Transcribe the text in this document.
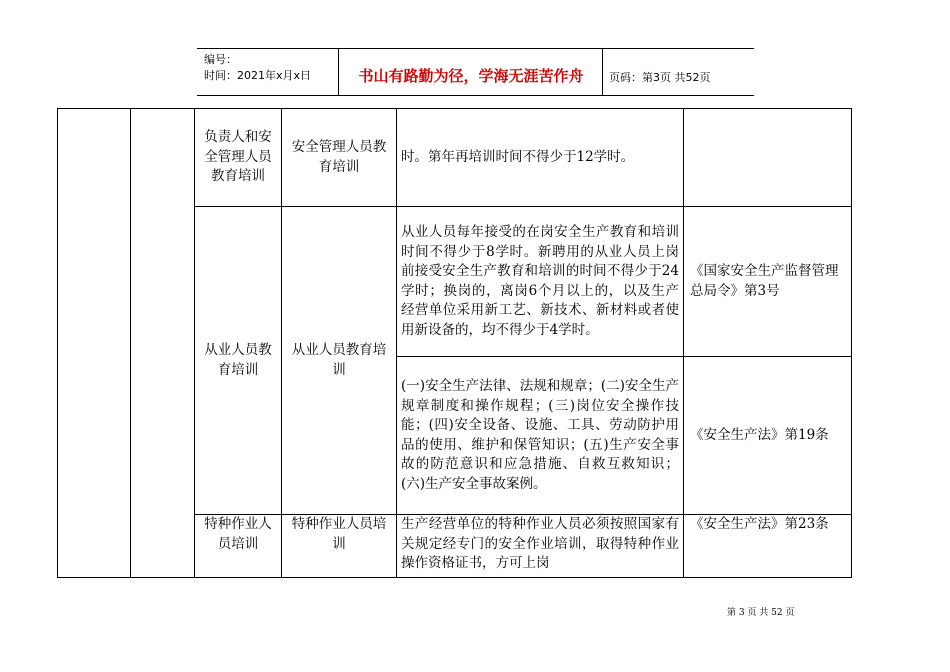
编号：
时间：2021年x月x日	书山有路勤为径，学海无涯苦作舟	页码：第3页 共52页
		负责人和安全管理人员教育培训	安全管理人员教育培训	时。第年再培训时间不得少于12学时。	
		从业人员教育培训	从业人员教育培训	从业人员每年接受的在岗安全生产教育和培训时间不得少于8学时。新聘用的从业人员上岗前接受安全生产教育和培训的时间不得少于24学时；换岗的，离岗6个月以上的，以及生产经营单位采用新工艺、新技术、新材料或者使用新设备的，均不得少于4学时。	《国家安全生产监督管理总局令》第3号
				(一)安全生产法律、法规和规章；(二)安全生产规章制度和操作规程；(三)岗位安全操作技能；(四)安全设备、设施、工具、劳动防护用品的使用、维护和保管知识；(五)生产安全事故的防范意识和应急措施、自救互救知识；(六)生产安全事故案例。	《安全生产法》第19条
		特种作业人员培训	特种作业人员培训	生产经营单位的特种作业人员必须按照国家有关规定经专门的安全作业培训，取得特种作业操作资格证书，方可上岗	《安全生产法》第23条
第 3 页 共 52 页
